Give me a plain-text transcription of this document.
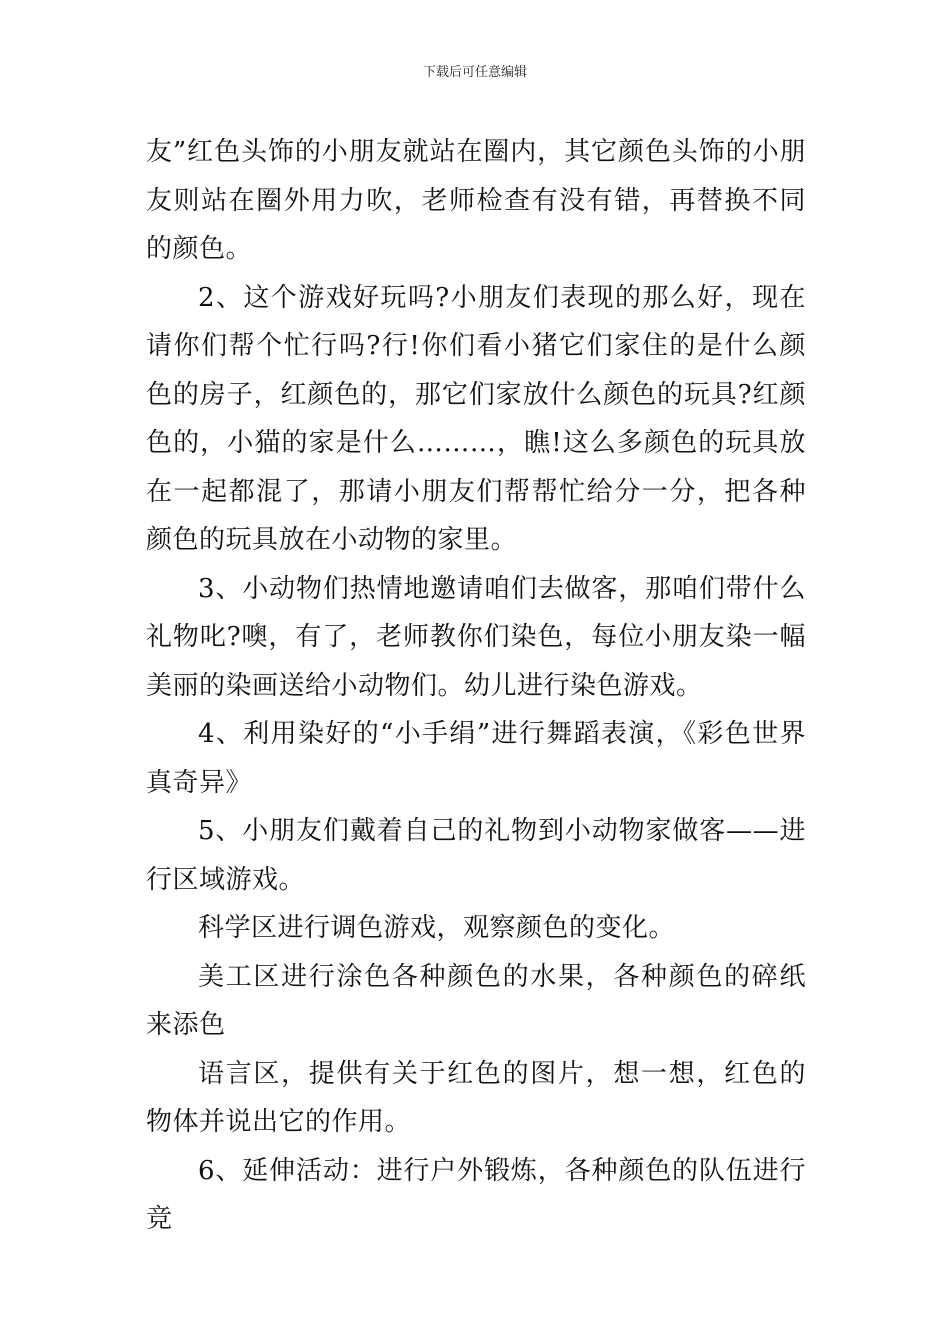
下载后可任意编辑

友”红色头饰的小朋友就站在圈内，其它颜色头饰的小朋友则站在圈外用力吹，老师检查有没有错，再替换不同的颜色。

2、这个游戏好玩吗?小朋友们表现的那么好，现在请你们帮个忙行吗?行!你们看小猪它们家住的是什么颜色的房子，红颜色的，那它们家放什么颜色的玩具?红颜色的，小猫的家是什么………，瞧!这么多颜色的玩具放在一起都混了，那请小朋友们帮帮忙给分一分，把各种颜色的玩具放在小动物的家里。

3、小动物们热情地邀请咱们去做客，那咱们带什么礼物叱?噢，有了，老师教你们染色，每位小朋友染一幅美丽的染画送给小动物们。幼儿进行染色游戏。

4、利用染好的“小手绢”进行舞蹈表演，《彩色世界真奇异》

5、小朋友们戴着自己的礼物到小动物家做客——进行区域游戏。

科学区进行调色游戏，观察颜色的变化。

美工区进行涂色各种颜色的水果，各种颜色的碎纸来添色

语言区，提供有关于红色的图片，想一想，红色的物体并说出它的作用。

6、延伸活动：进行户外锻炼，各种颜色的队伍进行竞
